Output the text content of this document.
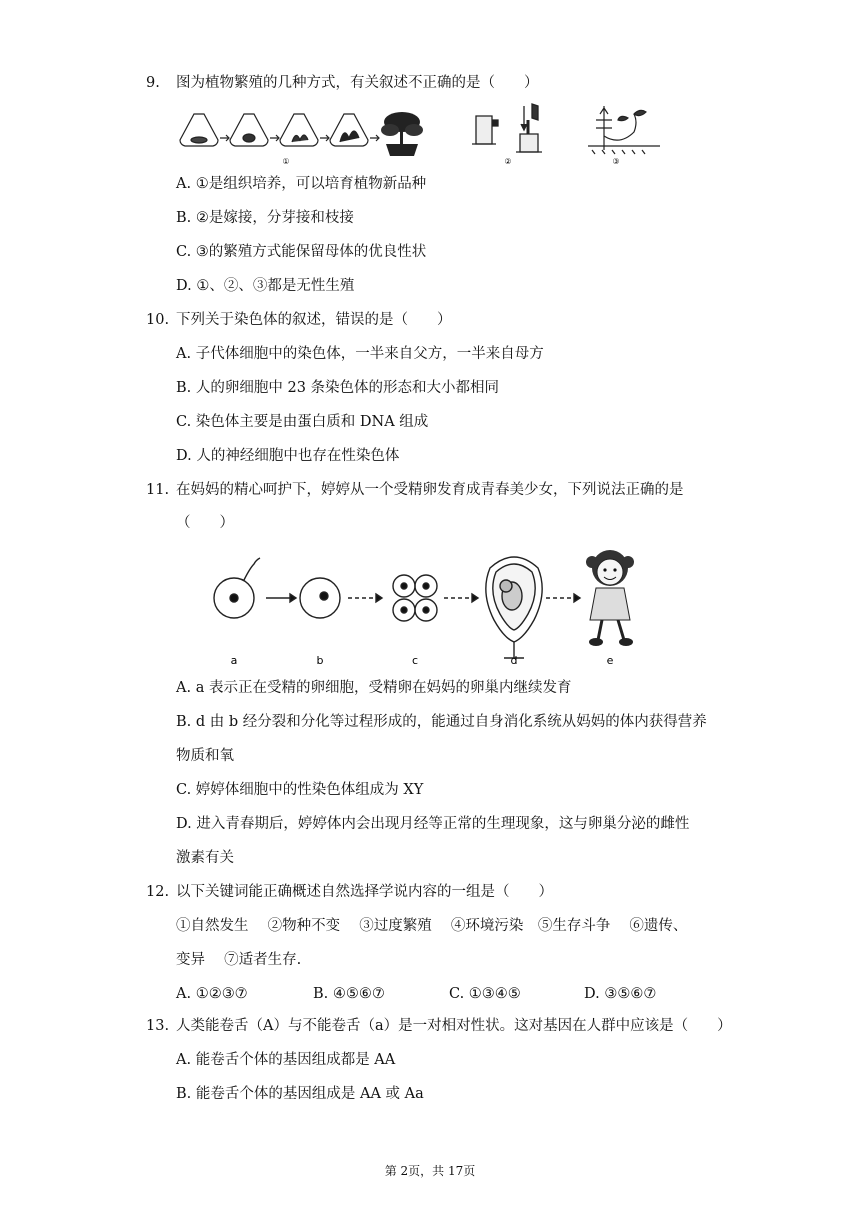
9. 图为植物繁殖的几种方式，有关叙述不正确的是（　　）
①	②	③
A. ①是组织培养，可以培育植物新品种
B. ②是嫁接，分芽接和枝接
C. ③的繁殖方式能保留母体的优良性状
D. ①、②、③都是无性生殖
10. 下列关于染色体的叙述，错误的是（　　）
A. 子代体细胞中的染色体，一半来自父方，一半来自母方
B. 人的卵细胞中 23 条染色体的形态和大小都相同
C. 染色体主要是由蛋白质和 DNA 组成
D. 人的神经细胞中也存在性染色体
11. 在妈妈的精心呵护下，婷婷从一个受精卵发育成青春美少女，下列说法正确的是
（　　）
a	b	c	d	e
A. a 表示正在受精的卵细胞，受精卵在妈妈的卵巢内继续发育
B. d 由 b 经分裂和分化等过程形成的，能通过自身消化系统从妈妈的体内获得营养
物质和氧
C. 婷婷体细胞中的性染色体组成为 XY
D. 进入青春期后，婷婷体内会出现月经等正常的生理现象，这与卵巢分泌的雌性
激素有关
12. 以下关键词能正确概述自然选择学说内容的一组是（　　）
①自然发生　 ②物种不变　 ③过度繁殖　 ④环境污染　⑤生存斗争　 ⑥遗传、
变异　 ⑦适者生存.
A. ①②③⑦	B. ④⑤⑥⑦	C. ①③④⑤	D. ③⑤⑥⑦
13. 人类能卷舌（A）与不能卷舌（a）是一对相对性状。这对基因在人群中应该是（　　）
A. 能卷舌个体的基因组成都是 AA
B. 能卷舌个体的基因组成是 AA 或 Aa
第 2页，共 17页
